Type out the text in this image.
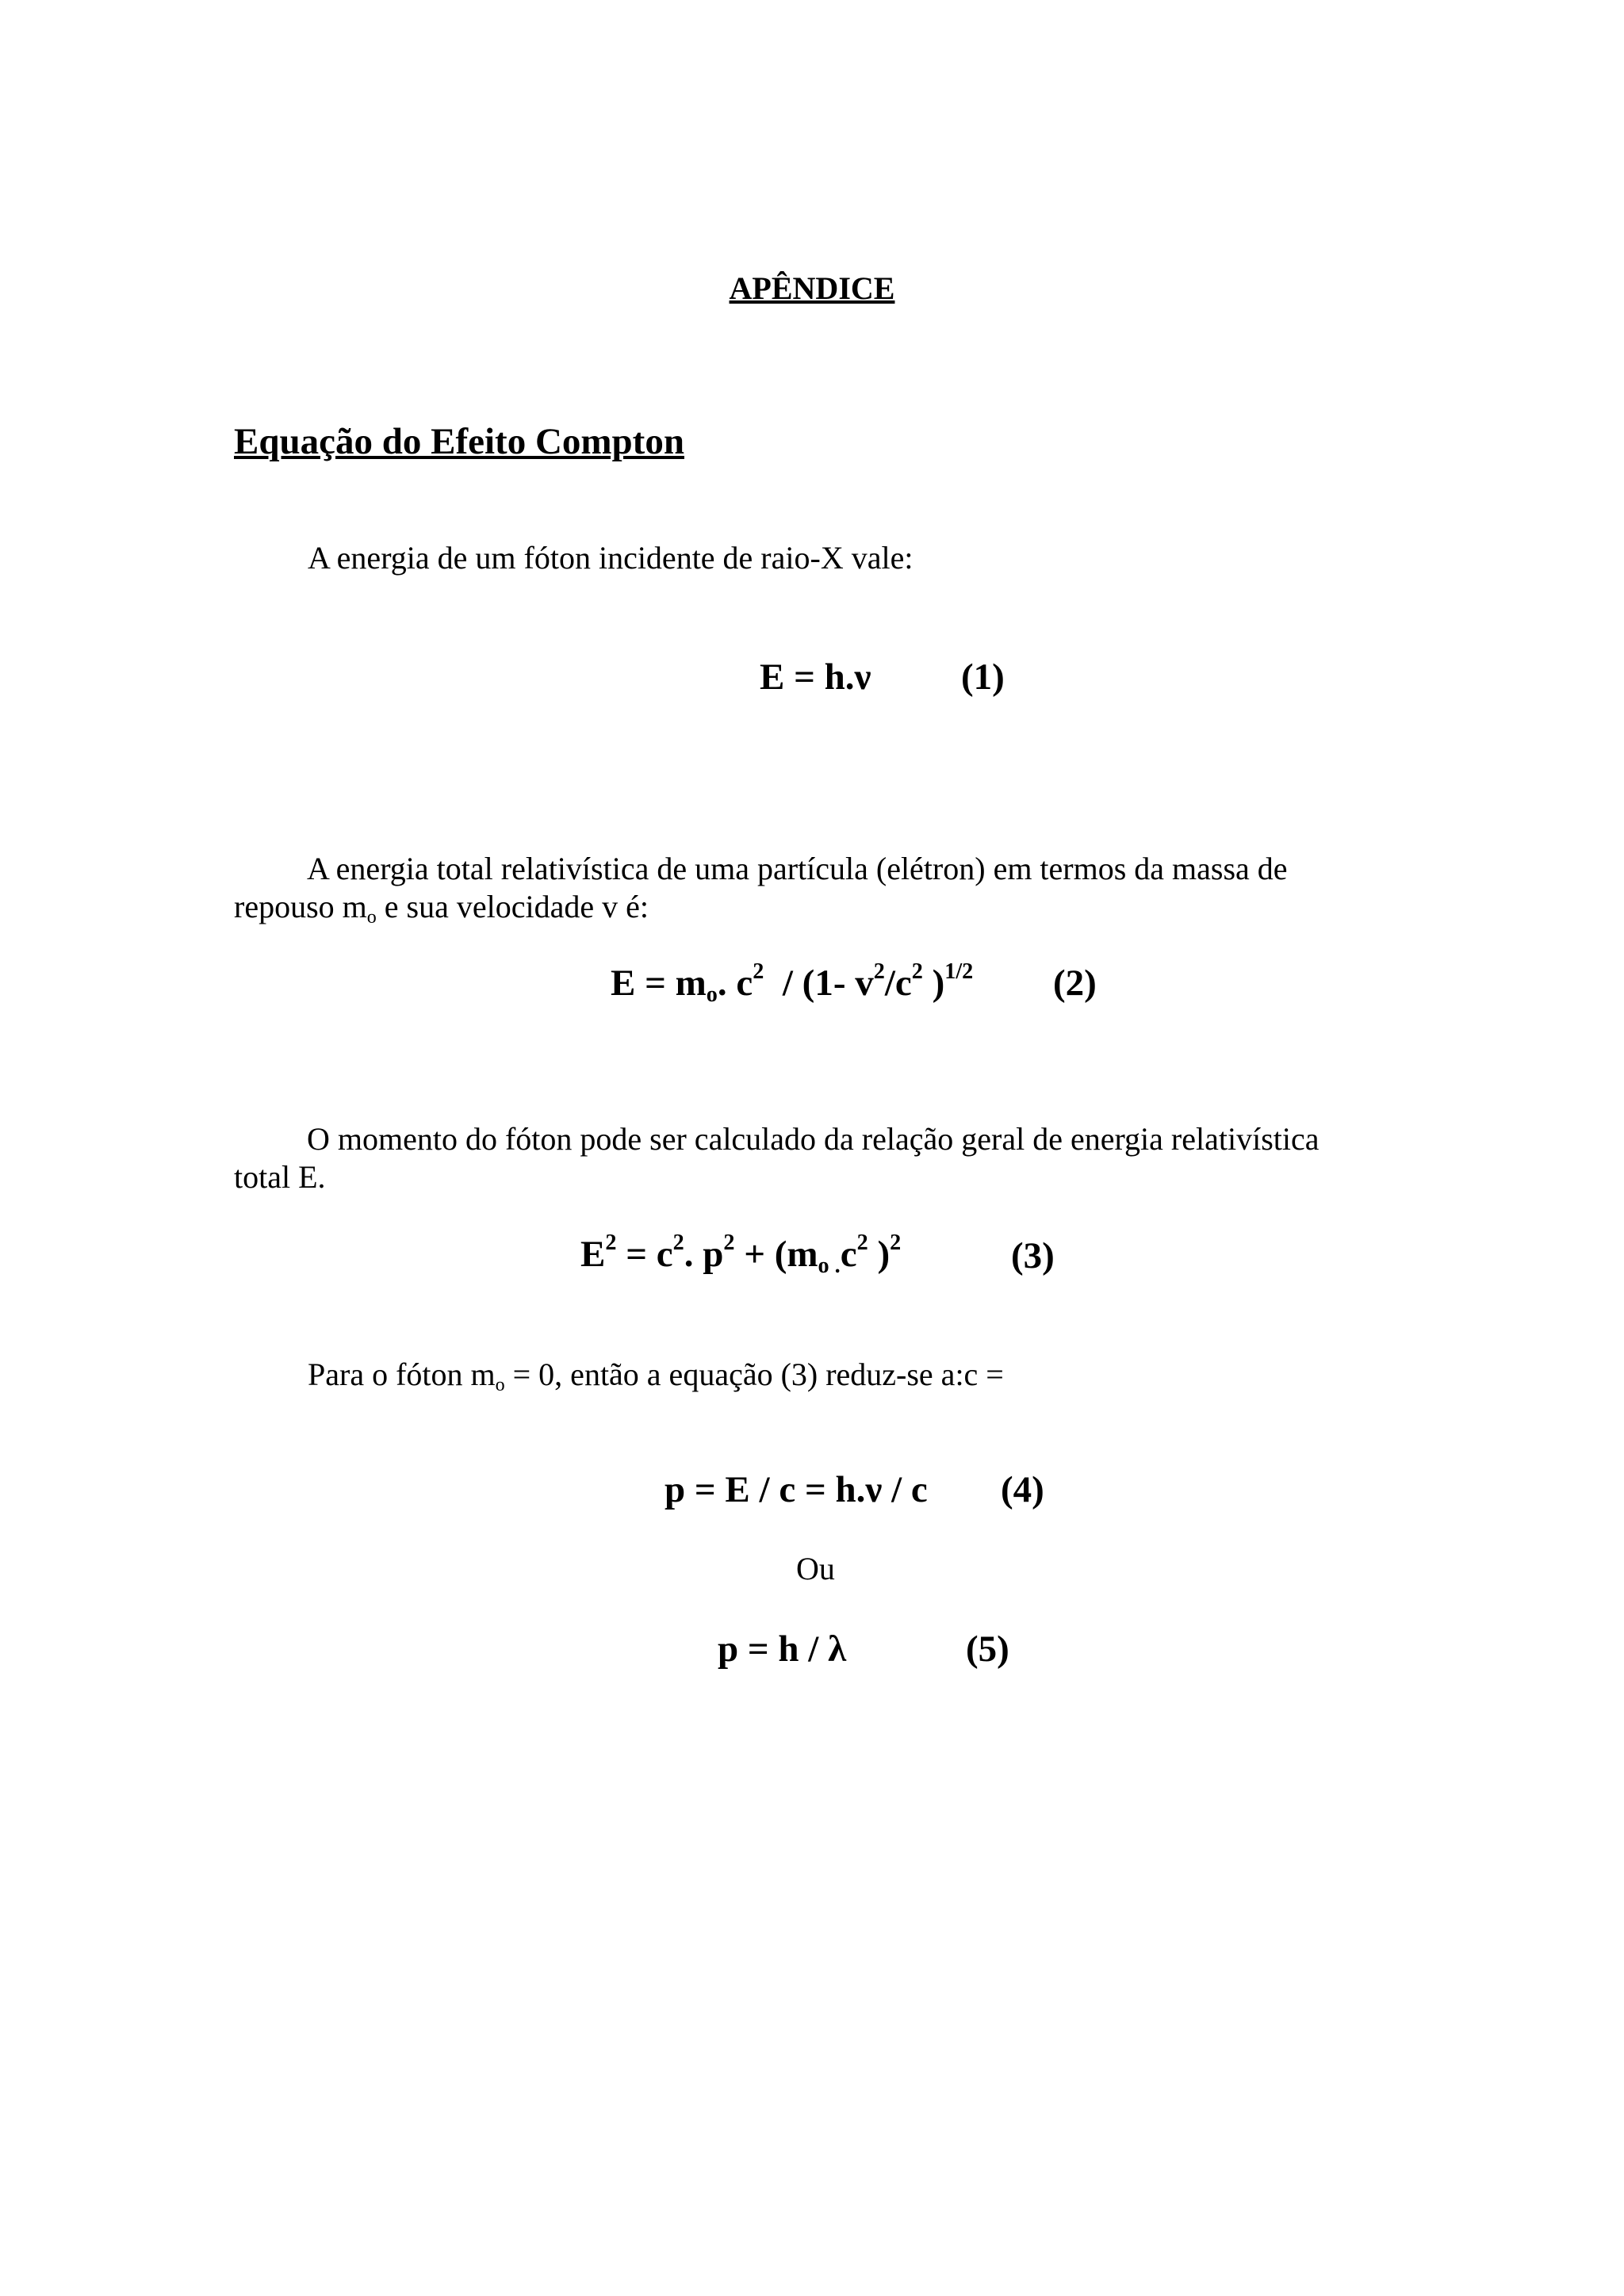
APÊNDICE
Equação do Efeito Compton
A energia de um fóton incidente de raio-X vale:
E = h.ν (1)

A energia total relativística de uma partícula (elétron) em termos da massa de

repouso $m_o$ e sua velocidade v é:

$E = m_o$. $c^2 / (1-$ $v^2/c^2$ )$^{1/2}$ (2)

O momento do fóton pode ser calculado da relação geral de energia relativística

total E.

$E^2 = c^2$. $p^2 + (m_{o .}c^2$ )$^2$	(3)
Para o fóton $m_o = 0$, então a equação (3) reduz-se a:c =
p = E / c = h.ν / c (4)
Ou
p = h / λ	(5)
